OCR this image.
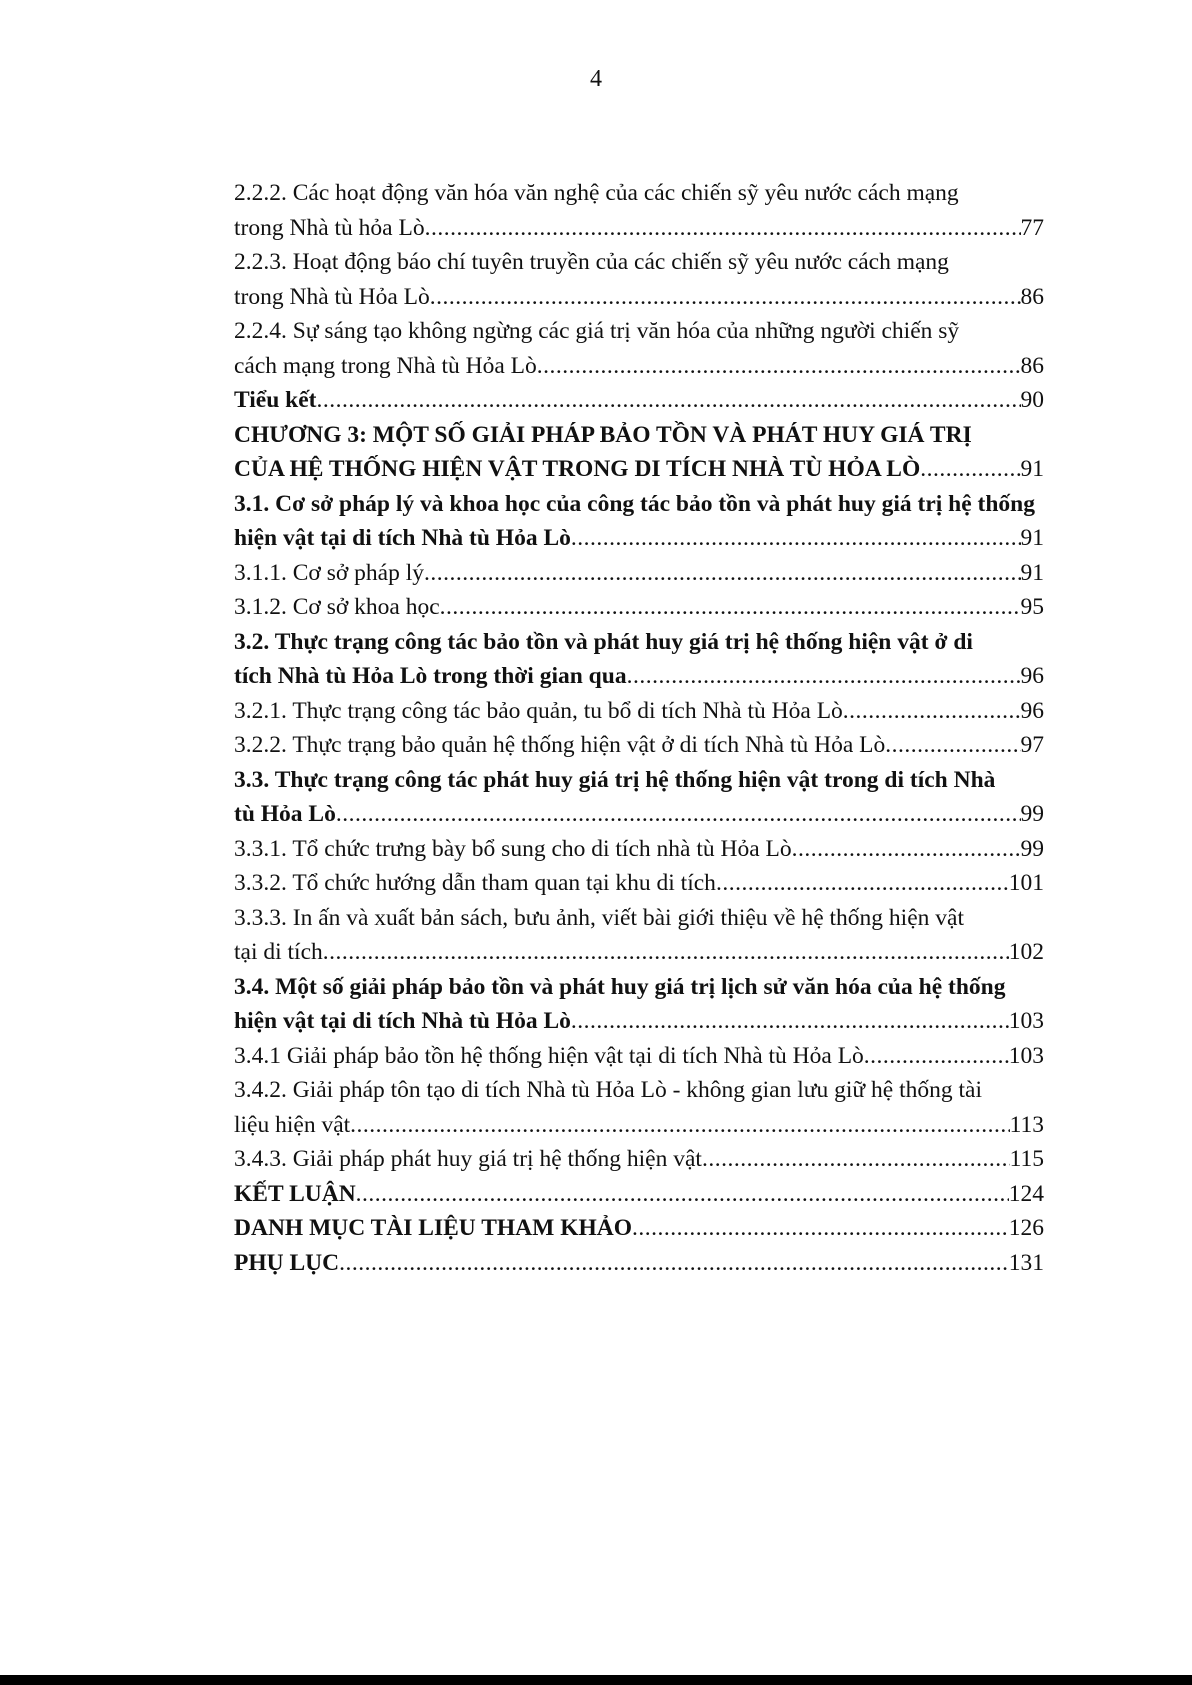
4
2.2.2. Các hoạt động văn hóa văn nghệ của các chiến sỹ yêu nước cách mạng
trong Nhà tù hỏa Lò .....	77
2.2.3. Hoạt động báo chí tuyên truyền của các chiến sỹ yêu nước cách mạng
trong Nhà tù Hỏa Lò .....	86
2.2.4. Sự sáng tạo không ngừng các giá trị văn hóa của những người chiến sỹ
cách mạng trong Nhà tù Hỏa Lò .....	86
Tiểu kết .....	90
CHƯƠNG 3: MỘT SỐ GIẢI PHÁP BẢO TỒN VÀ PHÁT HUY GIÁ TRỊ
CỦA HỆ THỐNG HIỆN VẬT TRONG DI TÍCH NHÀ TÙ HỎA LÒ .....	91
3.1. Cơ sở pháp lý và khoa học của công tác bảo tồn và phát huy giá trị hệ thống
hiện vật tại di tích Nhà tù Hỏa Lò .....	91
3.1.1. Cơ sở pháp lý .....	91
3.1.2. Cơ sở khoa học .....	95
3.2. Thực trạng công tác bảo tồn và phát huy giá trị hệ thống hiện vật ở di
tích Nhà tù Hỏa Lò trong thời gian qua .....	96
3.2.1. Thực trạng công tác bảo quản, tu bổ di tích Nhà tù Hỏa Lò .....	96
3.2.2. Thực trạng bảo quản hệ thống hiện vật ở di tích Nhà tù Hỏa Lò .....	97
3.3. Thực trạng công tác phát huy giá trị hệ thống hiện vật trong di tích Nhà
tù Hỏa Lò .....	99
3.3.1. Tổ chức trưng bày bổ sung cho di tích nhà tù Hỏa Lò .....	99
3.3.2. Tổ chức hướng dẫn tham quan tại khu di tích .....	101
3.3.3. In ấn và xuất bản sách, bưu ảnh, viết bài giới thiệu về hệ thống hiện vật
tại di tích .....	102
3.4. Một số giải pháp bảo tồn và phát huy giá trị lịch sử văn hóa của hệ thống
hiện vật tại di tích Nhà tù Hỏa Lò .....	103
3.4.1 Giải pháp bảo tồn hệ thống hiện vật tại di tích Nhà tù Hỏa Lò .....	103
3.4.2. Giải pháp tôn tạo di tích Nhà tù Hỏa Lò - không gian lưu giữ hệ thống tài
liệu hiện vật .....	113
3.4.3. Giải pháp phát huy giá trị hệ thống hiện vật .....	115
KẾT LUẬN .....	124
DANH MỤC TÀI LIỆU THAM KHẢO .....	126
PHỤ LỤC .....	131
